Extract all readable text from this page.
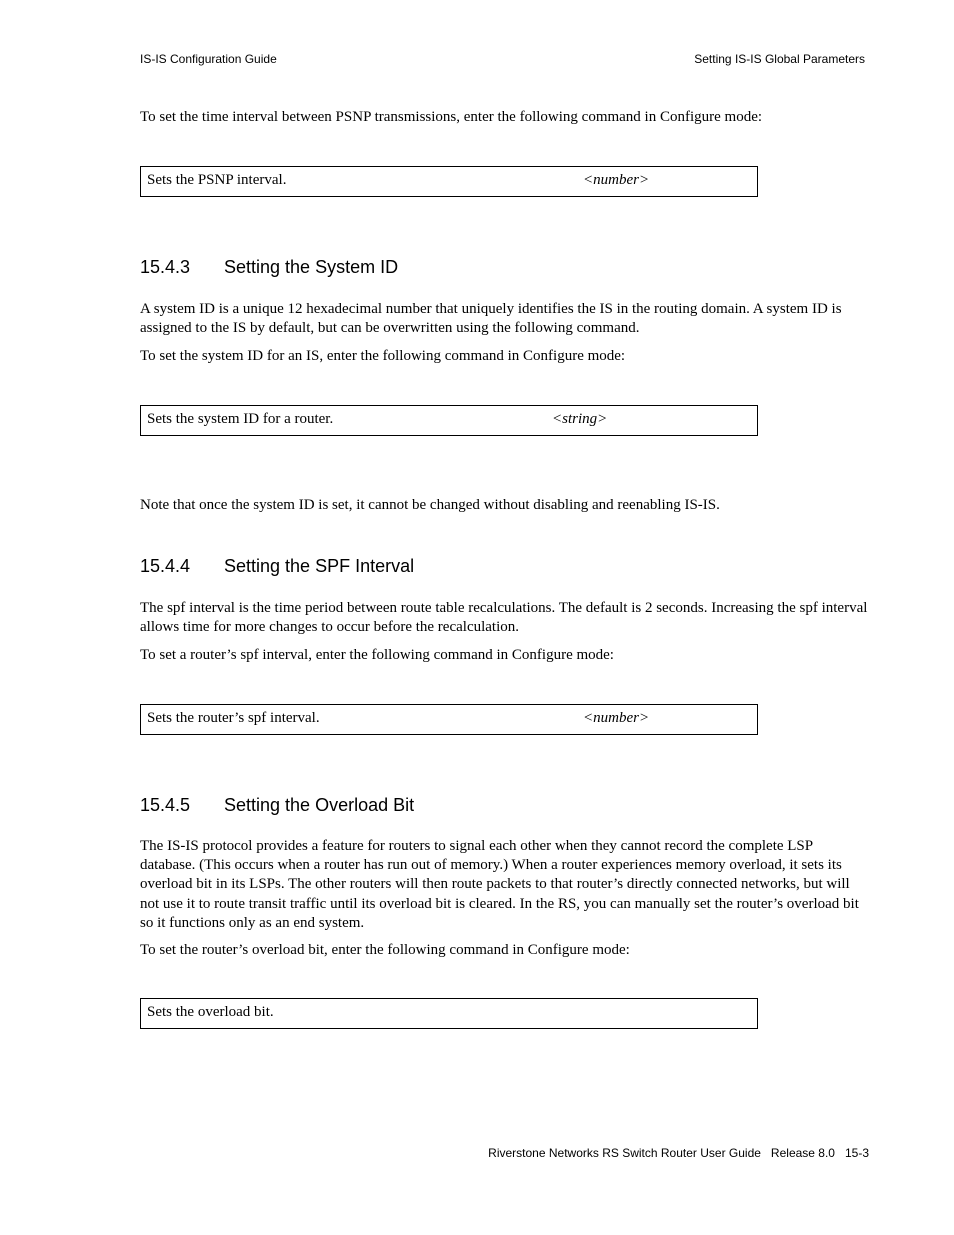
IS-IS Configuration Guide	Setting IS-IS Global Parameters

To set the time interval between PSNP transmissions, enter the following command in Configure mode:

Sets the PSNP interval.	<number>
15.4.3 Setting the System ID

A system ID is a unique 12 hexadecimal number that uniquely identifies the IS in the routing domain. A system ID is assigned to the IS by default, but can be overwritten using the following command.

To set the system ID for an IS, enter the following command in Configure mode:

Sets the system ID for a router.	<string>

Note that once the system ID is set, it cannot be changed without disabling and reenabling IS-IS.

15.4.4 Setting the SPF Interval

The spf interval is the time period between route table recalculations. The default is 2 seconds. Increasing the spf interval allows time for more changes to occur before the recalculation.

To set a router’s spf interval, enter the following command in Configure mode:

Sets the router’s spf interval.	<number>
15.4.5 Setting the Overload Bit

The IS-IS protocol provides a feature for routers to signal each other when they cannot record the complete LSP database. (This occurs when a router has run out of memory.) When a router experiences memory overload, it sets its overload bit in its LSPs. The other routers will then route packets to that router’s directly connected networks, but will not use it to route transit traffic until its overload bit is cleared. In the RS, you can manually set the router’s overload bit so it functions only as an end system.

To set the router’s overload bit, enter the following command in Configure mode:

Sets the overload bit.
Riverstone Networks RS Switch Router User Guide   Release 8.0   15-3
